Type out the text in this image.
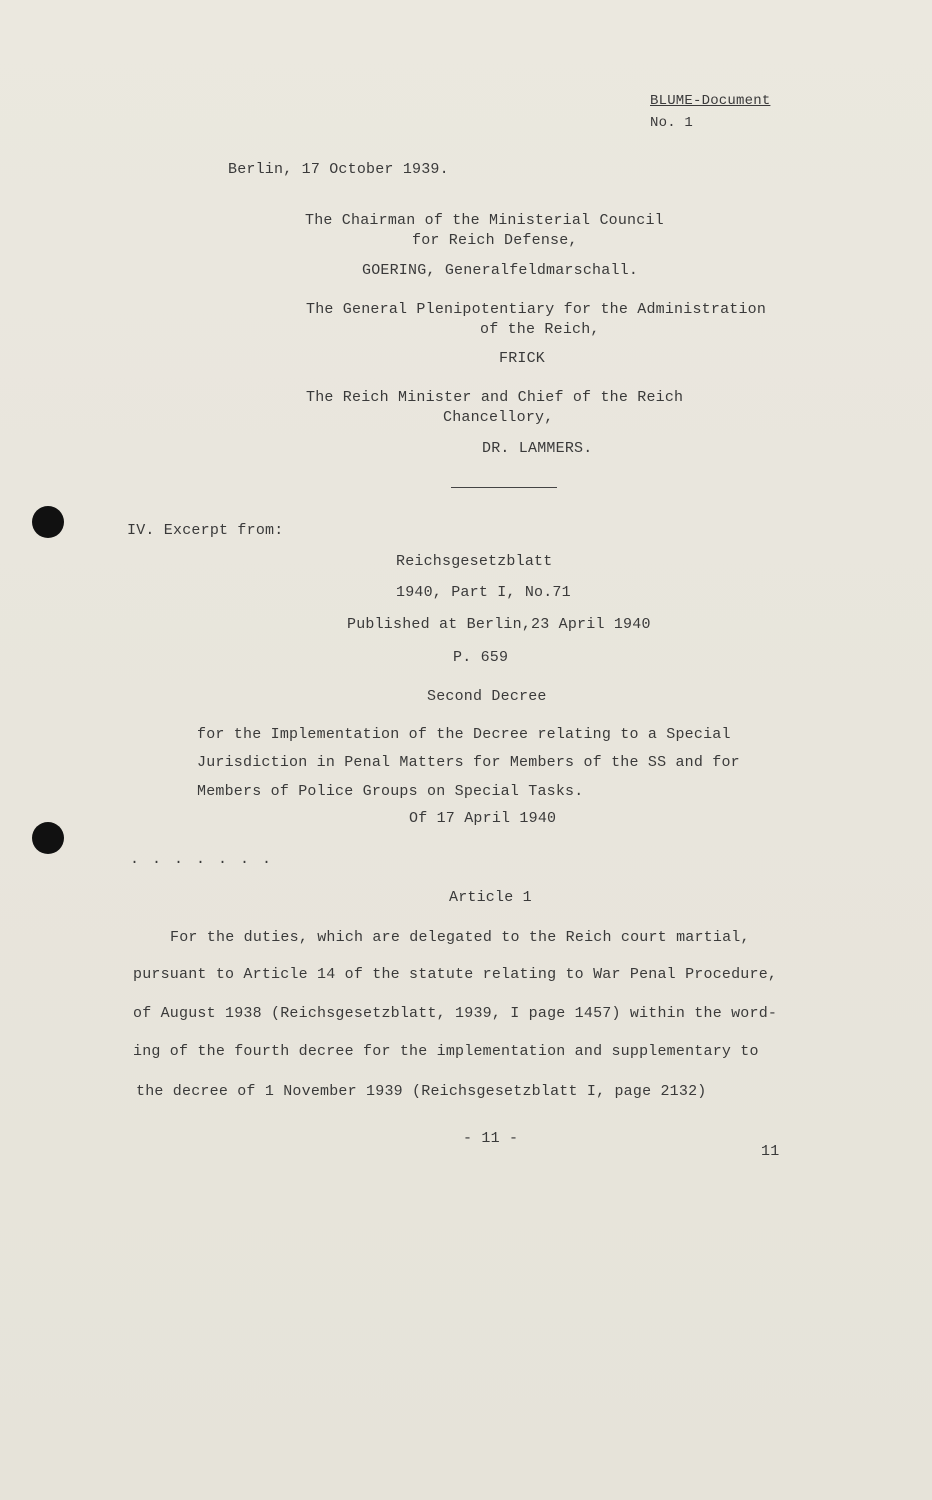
BLUME-Document
No. 1
Berlin, 17 October 1939.
The Chairman of the Ministerial Council
for Reich Defense,
GOERING, Generalfeldmarschall.
The General Plenipotentiary for the Administration
of the Reich,
FRICK
The Reich Minister and Chief of the Reich
Chancellory,
DR. LAMMERS.
IV. Excerpt from:
Reichsgesetzblatt
1940, Part I, No.71
Published at Berlin,23 April 1940
P. 659
Second Decree
for the Implementation of the Decree relating to a Special
Jurisdiction in Penal Matters for Members of the SS and for
Members of Police Groups on Special Tasks.
Of 17 April 1940
. . . . . . .
Article 1
For the duties, which are delegated to the Reich court martial,
pursuant to Article 14 of the statute relating to War Penal Procedure,
of August 1938 (Reichsgesetzblatt, 1939, I page 1457) within the word-
ing of the fourth decree for the implementation and supplementary to
the decree of 1 November 1939 (Reichsgesetzblatt I, page 2132)
- 11 -
11
